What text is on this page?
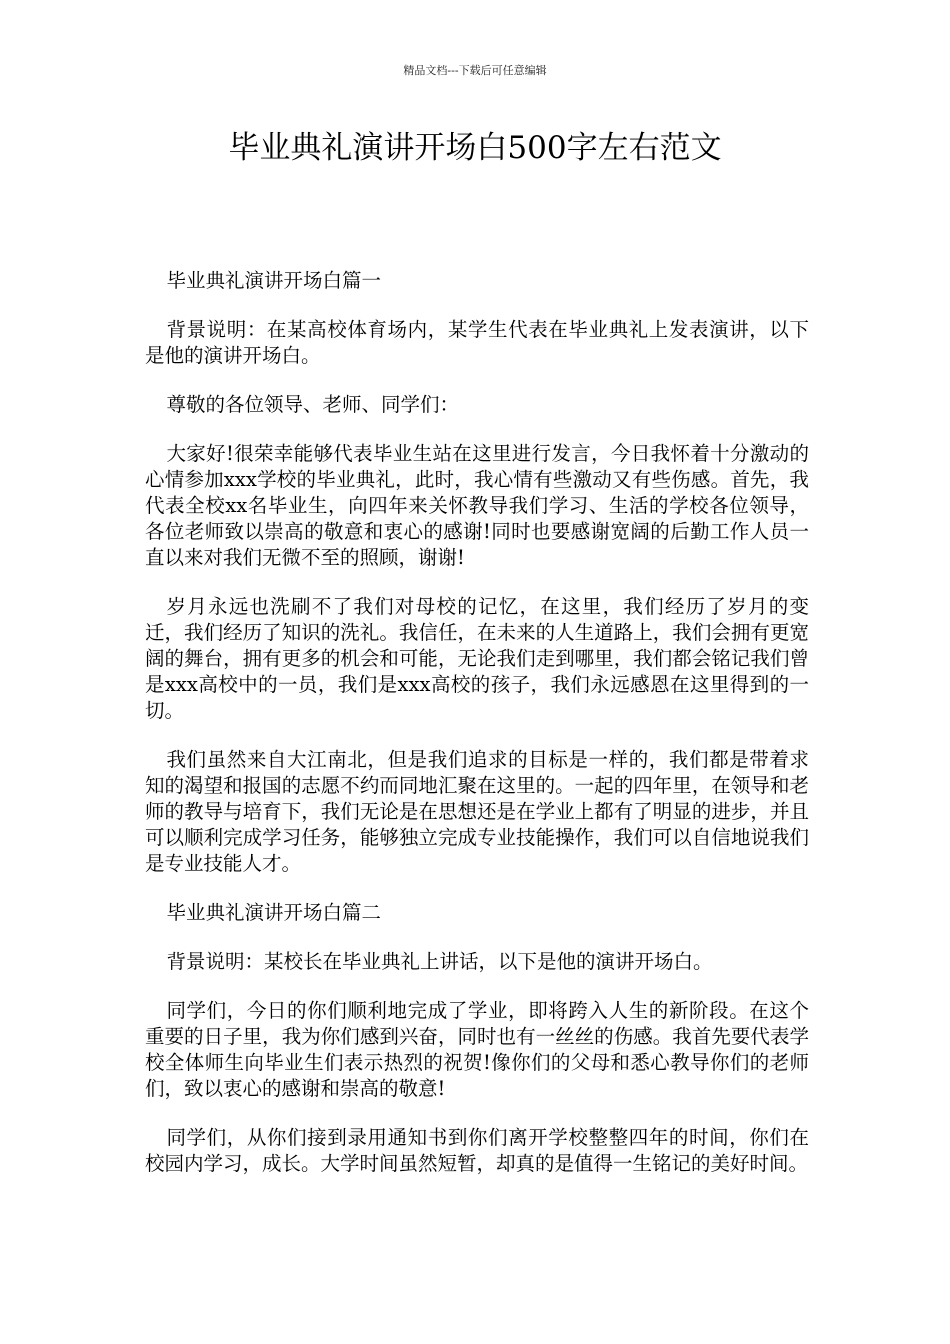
精品文档---下载后可任意编辑
毕业典礼演讲开场白500字左右范文

毕业典礼演讲开场白篇一

背景说明：在某高校体育场内，某学生代表在毕业典礼上发表演讲，以下是他的演讲开场白。

尊敬的各位领导、老师、同学们：

大家好!很荣幸能够代表毕业生站在这里进行发言，今日我怀着十分激动的心情参加xxx学校的毕业典礼，此时，我心情有些激动又有些伤感。首先，我代表全校xx名毕业生，向四年来关怀教导我们学习、生活的学校各位领导，各位老师致以崇高的敬意和衷心的感谢!同时也要感谢宽阔的后勤工作人员一直以来对我们无微不至的照顾，谢谢!

岁月永远也洗刷不了我们对母校的记忆，在这里，我们经历了岁月的变迁，我们经历了知识的洗礼。我信任，在未来的人生道路上，我们会拥有更宽阔的舞台，拥有更多的机会和可能，无论我们走到哪里，我们都会铭记我们曾是xxx高校中的一员，我们是xxx高校的孩子，我们永远感恩在这里得到的一切。

我们虽然来自大江南北，但是我们追求的目标是一样的，我们都是带着求知的渴望和报国的志愿不约而同地汇聚在这里的。一起的四年里，在领导和老师的教导与培育下，我们无论是在思想还是在学业上都有了明显的进步，并且可以顺利完成学习任务，能够独立完成专业技能操作，我们可以自信地说我们是专业技能人才。

毕业典礼演讲开场白篇二

背景说明：某校长在毕业典礼上讲话，以下是他的演讲开场白。

同学们，今日的你们顺利地完成了学业，即将跨入人生的新阶段。在这个重要的日子里，我为你们感到兴奋，同时也有一丝丝的伤感。我首先要代表学校全体师生向毕业生们表示热烈的祝贺!像你们的父母和悉心教导你们的老师们，致以衷心的感谢和崇高的敬意!

同学们，从你们接到录用通知书到你们离开学校整整四年的时间，你们在校园内学习，成长。大学时间虽然短暂，却真的是值得一生铭记的美好时间。
